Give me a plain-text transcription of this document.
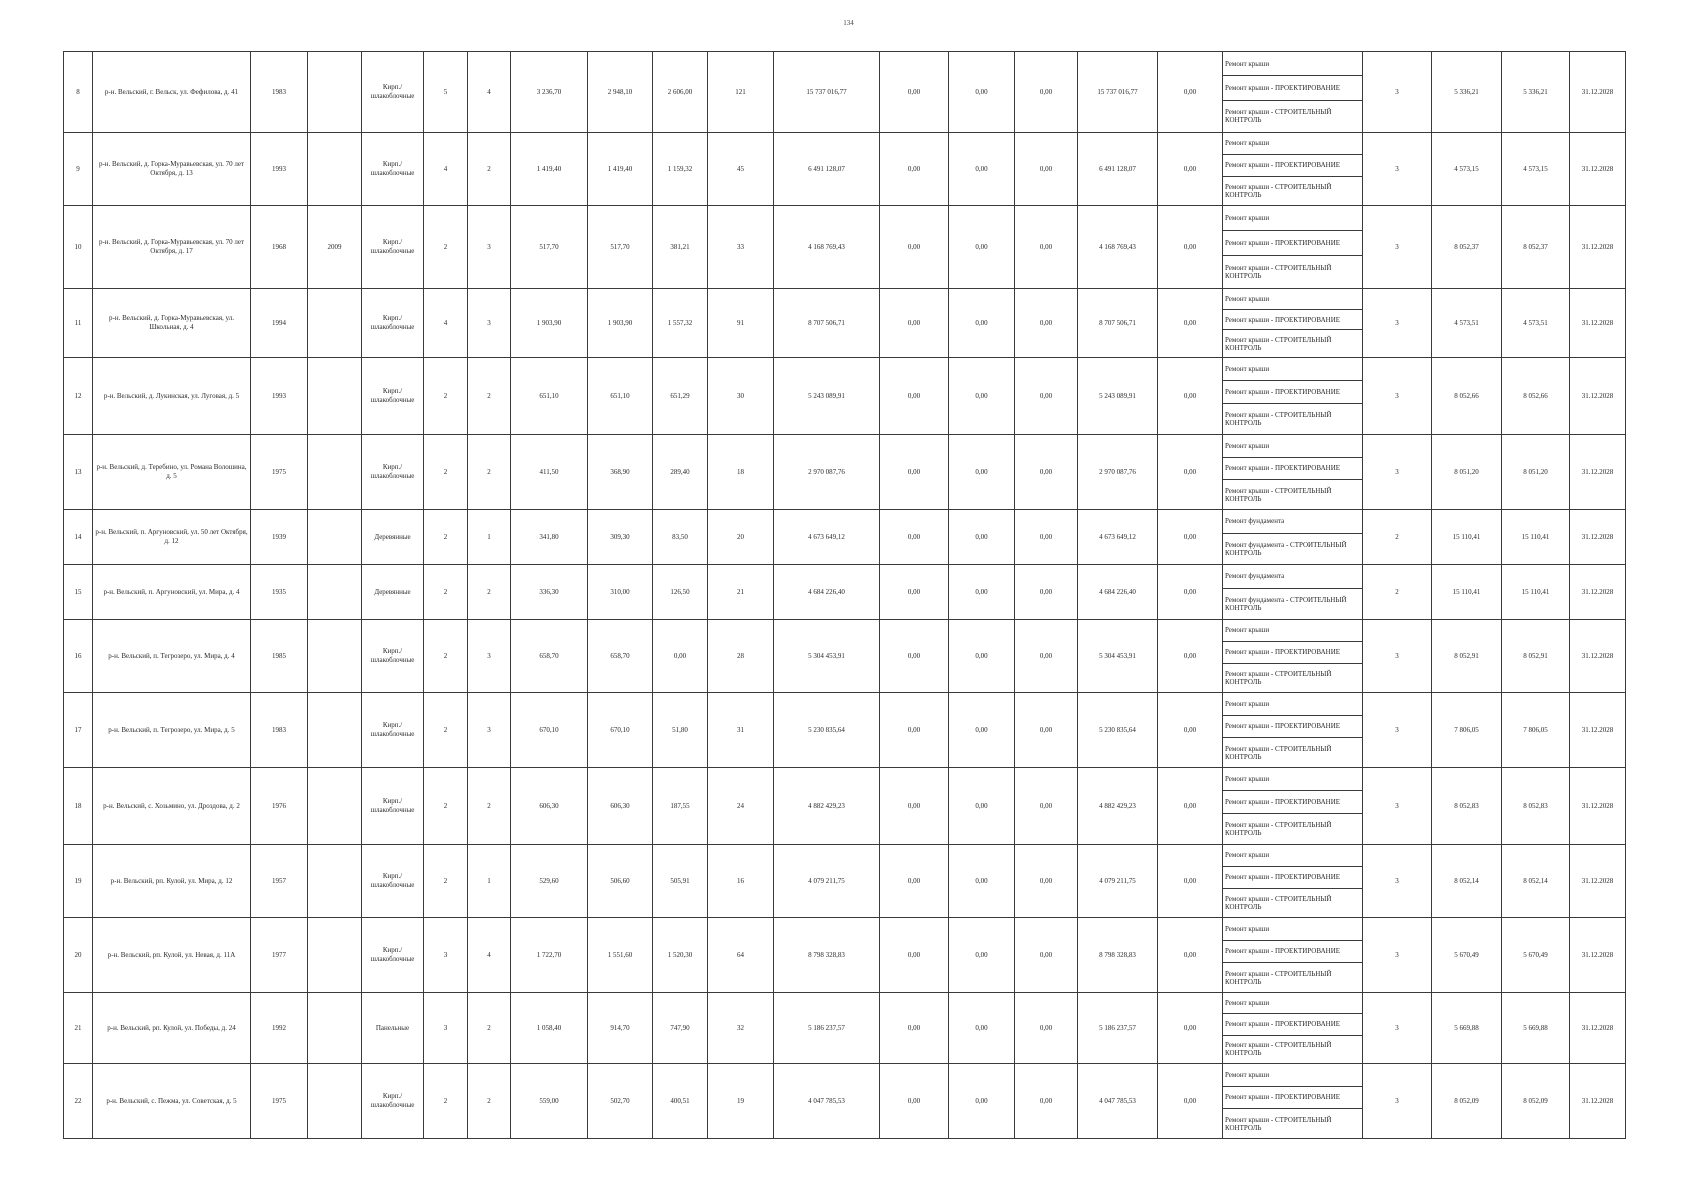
134
8	р-н. Вельский, г. Вельск, ул. Фефилова, д. 41	1983		Кирп./ шлакоблочные	5	4	3 236,70	2 948,10	2 606,00	121	15 737 016,77	0,00	0,00	0,00	15 737 016,77	0,00	Ремонт крыши
Ремонт крыши - ПРОЕКТИРОВАНИЕ
Ремонт крыши - СТРОИТЕЛЬНЫЙ КОНТРОЛЬ	3	5 336,21	5 336,21	31.12.2028
9	р-н. Вельский, д. Горка-Муравьевская, ул. 70 лет Октября, д. 13	1993		Кирп./ шлакоблочные	4	2	1 419,40	1 419,40	1 159,32	45	6 491 128,07	0,00	0,00	0,00	6 491 128,07	0,00	Ремонт крыши
Ремонт крыши - ПРОЕКТИРОВАНИЕ
Ремонт крыши - СТРОИТЕЛЬНЫЙ КОНТРОЛЬ	3	4 573,15	4 573,15	31.12.2028
10	р-н. Вельский, д. Горка-Муравьевская, ул. 70 лет Октября, д. 17	1968	2009	Кирп./ шлакоблочные	2	3	517,70	517,70	381,21	33	4 168 769,43	0,00	0,00	0,00	4 168 769,43	0,00	Ремонт крыши
Ремонт крыши - ПРОЕКТИРОВАНИЕ
Ремонт крыши - СТРОИТЕЛЬНЫЙ КОНТРОЛЬ	3	8 052,37	8 052,37	31.12.2028
11	р-н. Вельский, д. Горка-Муравьевская, ул. Школьная, д. 4	1994		Кирп./ шлакоблочные	4	3	1 903,90	1 903,90	1 557,32	91	8 707 506,71	0,00	0,00	0,00	8 707 506,71	0,00	Ремонт крыши
Ремонт крыши - ПРОЕКТИРОВАНИЕ
Ремонт крыши - СТРОИТЕЛЬНЫЙ КОНТРОЛЬ	3	4 573,51	4 573,51	31.12.2028
12	р-н. Вельский, д. Лукинская, ул. Луговая, д. 5	1993		Кирп./ шлакоблочные	2	2	651,10	651,10	651,29	30	5 243 089,91	0,00	0,00	0,00	5 243 089,91	0,00	Ремонт крыши
Ремонт крыши - ПРОЕКТИРОВАНИЕ
Ремонт крыши - СТРОИТЕЛЬНЫЙ КОНТРОЛЬ	3	8 052,66	8 052,66	31.12.2028
13	р-н. Вельский, д. Теребино, ул. Романа Волошина, д. 5	1975		Кирп./ шлакоблочные	2	2	411,50	368,90	289,40	18	2 970 087,76	0,00	0,00	0,00	2 970 087,76	0,00	Ремонт крыши
Ремонт крыши - ПРОЕКТИРОВАНИЕ
Ремонт крыши - СТРОИТЕЛЬНЫЙ КОНТРОЛЬ	3	8 051,20	8 051,20	31.12.2028
14	р-н. Вельский, п. Аргуновский, ул. 50 лет Октября, д. 12	1939		Деревянные	2	1	341,80	309,30	83,50	20	4 673 649,12	0,00	0,00	0,00	4 673 649,12	0,00	Ремонт фундамента
Ремонт фундамента - СТРОИТЕЛЬНЫЙ КОНТРОЛЬ	2	15 110,41	15 110,41	31.12.2028
15	р-н. Вельский, п. Аргуновский, ул. Мира, д. 4	1935		Деревянные	2	2	336,30	310,00	126,50	21	4 684 226,40	0,00	0,00	0,00	4 684 226,40	0,00	Ремонт фундамента
Ремонт фундамента - СТРОИТЕЛЬНЫЙ КОНТРОЛЬ	2	15 110,41	15 110,41	31.12.2028
16	р-н. Вельский, п. Тегрозеро, ул. Мира, д. 4	1985		Кирп./ шлакоблочные	2	3	658,70	658,70	0,00	28	5 304 453,91	0,00	0,00	0,00	5 304 453,91	0,00	Ремонт крыши
Ремонт крыши - ПРОЕКТИРОВАНИЕ
Ремонт крыши - СТРОИТЕЛЬНЫЙ КОНТРОЛЬ	3	8 052,91	8 052,91	31.12.2028
17	р-н. Вельский, п. Тегрозеро, ул. Мира, д. 5	1983		Кирп./ шлакоблочные	2	3	670,10	670,10	51,80	31	5 230 835,64	0,00	0,00	0,00	5 230 835,64	0,00	Ремонт крыши
Ремонт крыши - ПРОЕКТИРОВАНИЕ
Ремонт крыши - СТРОИТЕЛЬНЫЙ КОНТРОЛЬ	3	7 806,05	7 806,05	31.12.2028
18	р-н. Вельский, с. Хозьмино, ул. Дроздова, д. 2	1976		Кирп./ шлакоблочные	2	2	606,30	606,30	187,55	24	4 882 429,23	0,00	0,00	0,00	4 882 429,23	0,00	Ремонт крыши
Ремонт крыши - ПРОЕКТИРОВАНИЕ
Ремонт крыши - СТРОИТЕЛЬНЫЙ КОНТРОЛЬ	3	8 052,83	8 052,83	31.12.2028
19	р-н. Вельский, рп. Кулой, ул. Мира, д. 12	1957		Кирп./ шлакоблочные	2	1	529,60	506,60	505,91	16	4 079 211,75	0,00	0,00	0,00	4 079 211,75	0,00	Ремонт крыши
Ремонт крыши - ПРОЕКТИРОВАНИЕ
Ремонт крыши - СТРОИТЕЛЬНЫЙ КОНТРОЛЬ	3	8 052,14	8 052,14	31.12.2028
20	р-н. Вельский, рп. Кулой, ул. Невая, д. 11А	1977		Кирп./ шлакоблочные	3	4	1 722,70	1 551,60	1 520,30	64	8 798 328,83	0,00	0,00	0,00	8 798 328,83	0,00	Ремонт крыши
Ремонт крыши - ПРОЕКТИРОВАНИЕ
Ремонт крыши - СТРОИТЕЛЬНЫЙ КОНТРОЛЬ	3	5 670,49	5 670,49	31.12.2028
21	р-н. Вельский, рп. Кулой, ул. Победы, д. 24	1992		Панельные	3	2	1 058,40	914,70	747,90	32	5 186 237,57	0,00	0,00	0,00	5 186 237,57	0,00	Ремонт крыши
Ремонт крыши - ПРОЕКТИРОВАНИЕ
Ремонт крыши - СТРОИТЕЛЬНЫЙ КОНТРОЛЬ	3	5 669,88	5 669,88	31.12.2028
22	р-н. Вельский, с. Пежма, ул. Советская, д. 5	1975		Кирп./ шлакоблочные	2	2	559,00	502,70	400,51	19	4 047 785,53	0,00	0,00	0,00	4 047 785,53	0,00	Ремонт крыши
Ремонт крыши - ПРОЕКТИРОВАНИЕ
Ремонт крыши - СТРОИТЕЛЬНЫЙ КОНТРОЛЬ	3	8 052,09	8 052,09	31.12.2028
